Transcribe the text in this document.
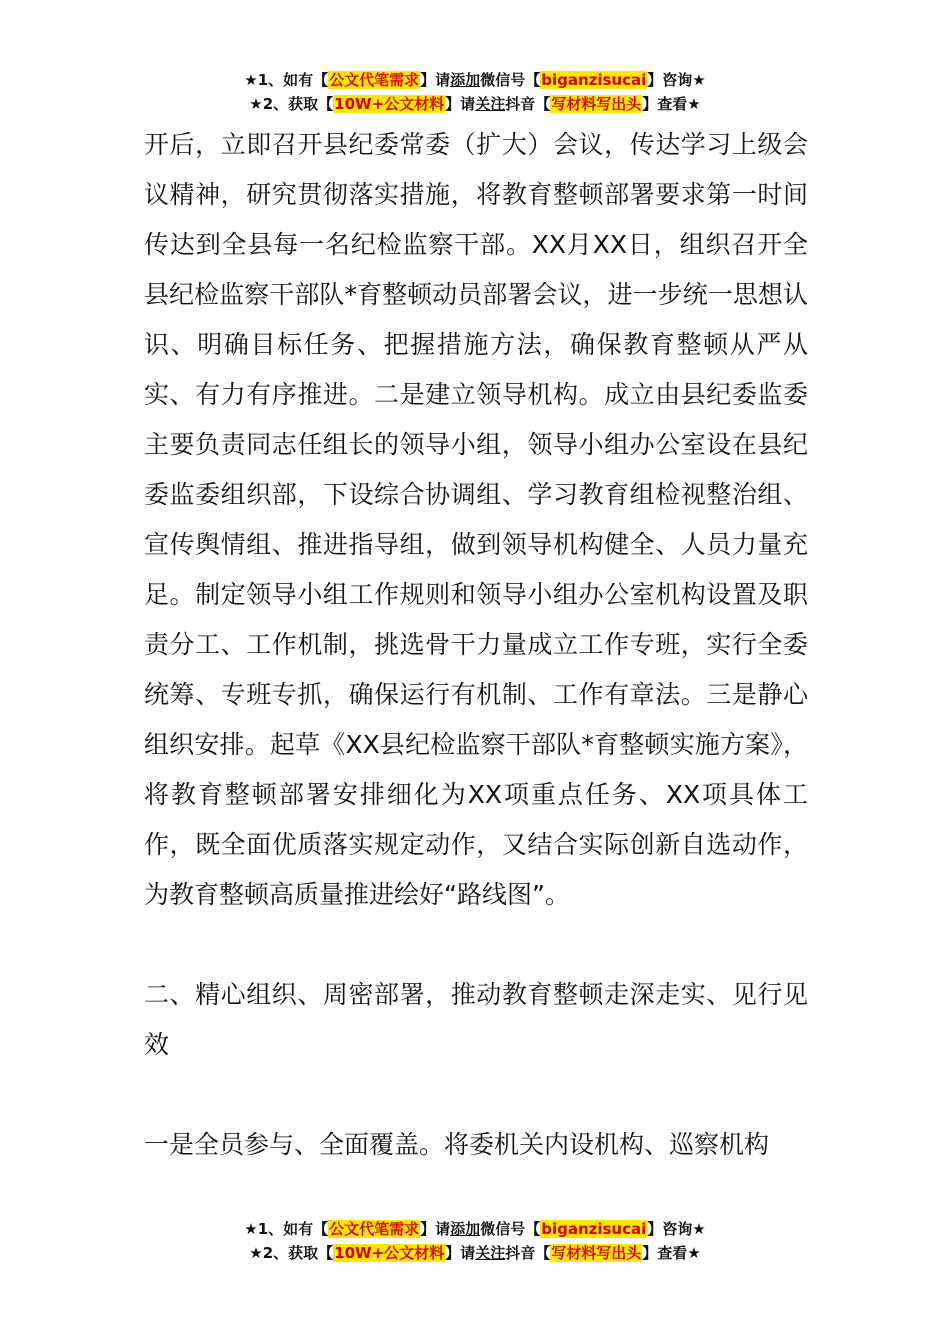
★1、如有【公文代笔需求】请添加微信号【biganzisucai】咨询★
★2、获取【10W+公文材料】请关注抖音【写材料写出头】查看★

开后，立即召开县纪委常委（扩大）会议，传达学习上级会议精神，研究贯彻落实措施，将教育整顿部署要求第一时间传达到全县每一名纪检监察干部。XX月XX日，组织召开全县纪检监察干部队*育整顿动员部署会议，进一步统一思想认识、明确目标任务、把握措施方法，确保教育整顿从严从实、有力有序推进。二是建立领导机构。成立由县纪委监委主要负责同志任组长的领导小组，领导小组办公室设在县纪委监委组织部，下设综合协调组、学习教育组检视整治组、宣传舆情组、推进指导组，做到领导机构健全、人员力量充足。制定领导小组工作规则和领导小组办公室机构设置及职责分工、工作机制，挑选骨干力量成立工作专班，实行全委统筹、专班专抓，确保运行有机制、工作有章法。三是静心组织安排。起草《XX县纪检监察干部队*育整顿实施方案》，将教育整顿部署安排细化为XX项重点任务、XX项具体工作，既全面优质落实规定动作，又结合实际创新自选动作，为教育整顿高质量推进绘好“路线图”。

二、精心组织、周密部署，推动教育整顿走深走实、见行见效

一是全员参与、全面覆盖。将委机关内设机构、巡察机构

★1、如有【公文代笔需求】请添加微信号【biganzisucai】咨询★
★2、获取【10W+公文材料】请关注抖音【写材料写出头】查看★
